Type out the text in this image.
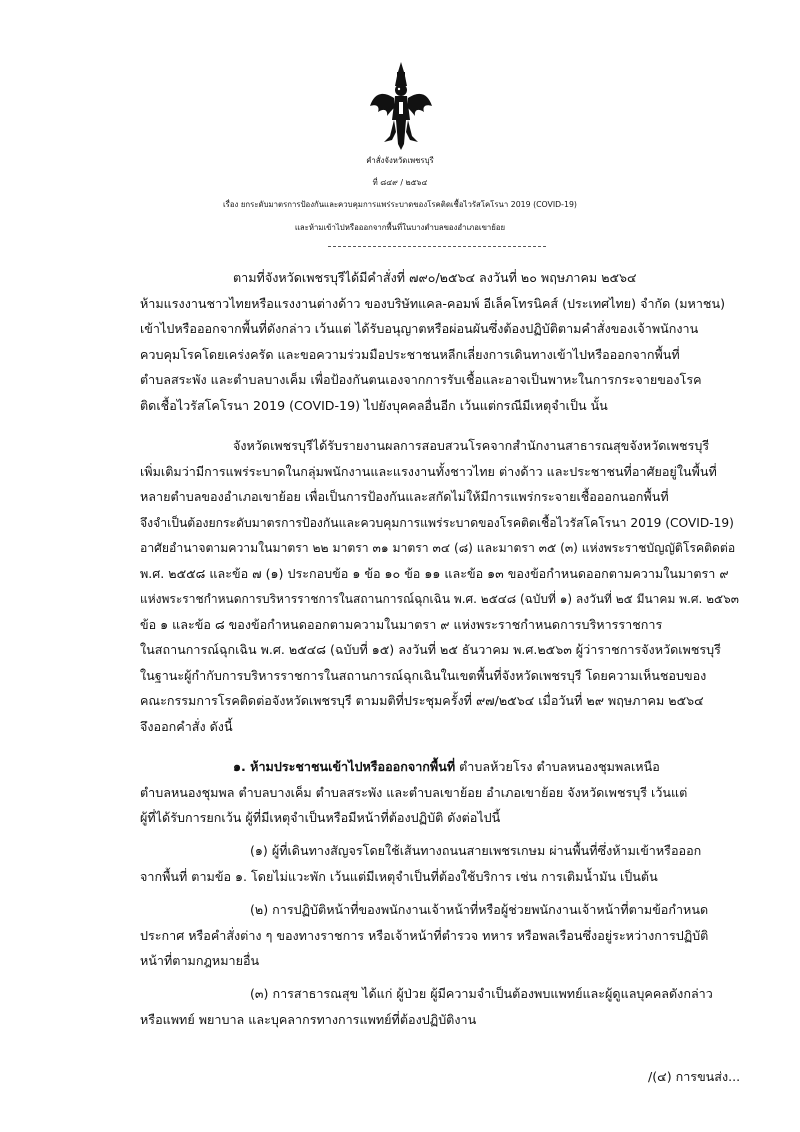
คำสั่งจังหวัดเพชรบุรี
ที่ ๘๔๙ / ๒๕๖๔
เรื่อง ยกระดับมาตรการป้องกันและควบคุมการแพร่ระบาดของโรคติดเชื้อไวรัสโคโรนา 2019 (COVID-19)
และห้ามเข้าไปหรือออกจากพื้นที่ในบางตำบลของอำเภอเขาย้อย
ตามที่จังหวัดเพชรบุรีได้มีคำสั่งที่ ๗๙๐/๒๕๖๔ ลงวันที่ ๒๐ พฤษภาคม ๒๕๖๔
ห้ามแรงงานชาวไทยหรือแรงงานต่างด้าว ของบริษัทแคล-คอมพ์ อีเล็คโทรนิคส์ (ประเทศไทย) จำกัด (มหาชน)
เข้าไปหรือออกจากพื้นที่ดังกล่าว เว้นแต่ ได้รับอนุญาตหรือผ่อนผันซึ่งต้องปฏิบัติตามคำสั่งของเจ้าพนักงาน
ควบคุมโรคโดยเคร่งครัด และขอความร่วมมือประชาชนหลีกเลี่ยงการเดินทางเข้าไปหรือออกจากพื้นที่
ตำบลสระพัง และตำบลบางเค็ม เพื่อป้องกันตนเองจากการรับเชื้อและอาจเป็นพาหะในการกระจายของโรค
ติดเชื้อไวรัสโคโรนา 2019 (COVID-19) ไปยังบุคคลอื่นอีก เว้นแต่กรณีมีเหตุจำเป็น นั้น
จังหวัดเพชรบุรีได้รับรายงานผลการสอบสวนโรคจากสำนักงานสาธารณสุขจังหวัดเพชรบุรี
เพิ่มเติมว่ามีการแพร่ระบาดในกลุ่มพนักงานและแรงงานทั้งชาวไทย ต่างด้าว และประชาชนที่อาศัยอยู่ในพื้นที่
หลายตำบลของอำเภอเขาย้อย เพื่อเป็นการป้องกันและสกัดไม่ให้มีการแพร่กระจายเชื้อออกนอกพื้นที่
จึงจำเป็นต้องยกระดับมาตรการป้องกันและควบคุมการแพร่ระบาดของโรคติดเชื้อไวรัสโคโรนา 2019 (COVID-19)
อาศัยอำนาจตามความในมาตรา ๒๒ มาตรา ๓๑ มาตรา ๓๔ (๘) และมาตรา ๓๕ (๓) แห่งพระราชบัญญัติโรคติดต่อ
พ.ศ. ๒๕๕๘ และข้อ ๗ (๑) ประกอบข้อ ๑ ข้อ ๑๐ ข้อ ๑๑ และข้อ ๑๓ ของข้อกำหนดออกตามความในมาตรา ๙
แห่งพระราชกำหนดการบริหารราชการในสถานการณ์ฉุกเฉิน พ.ศ. ๒๕๔๘ (ฉบับที่ ๑) ลงวันที่ ๒๕ มีนาคม พ.ศ. ๒๕๖๓
ข้อ ๑ และข้อ ๘ ของข้อกำหนดออกตามความในมาตรา ๙ แห่งพระราชกำหนดการบริหารราชการ
ในสถานการณ์ฉุกเฉิน พ.ศ. ๒๕๔๘ (ฉบับที่ ๑๕) ลงวันที่ ๒๕ ธันวาคม พ.ศ.๒๕๖๓ ผู้ว่าราชการจังหวัดเพชรบุรี
ในฐานะผู้กำกับการบริหารราชการในสถานการณ์ฉุกเฉินในเขตพื้นที่จังหวัดเพชรบุรี โดยความเห็นชอบของ
คณะกรรมการโรคติดต่อจังหวัดเพชรบุรี ตามมติที่ประชุมครั้งที่ ๙๗/๒๕๖๔ เมื่อวันที่ ๒๙ พฤษภาคม ๒๕๖๔
จึงออกคำสั่ง ดังนี้
๑. ห้ามประชาชนเข้าไปหรือออกจากพื้นที่ ตำบลห้วยโรง ตำบลหนองชุมพลเหนือ
ตำบลหนองชุมพล ตำบลบางเค็ม ตำบลสระพัง และตำบลเขาย้อย อำเภอเขาย้อย จังหวัดเพชรบุรี เว้นแต่
ผู้ที่ได้รับการยกเว้น ผู้ที่มีเหตุจำเป็นหรือมีหน้าที่ต้องปฏิบัติ ดังต่อไปนี้
(๑) ผู้ที่เดินทางสัญจรโดยใช้เส้นทางถนนสายเพชรเกษม ผ่านพื้นที่ซึ่งห้ามเข้าหรือออก
จากพื้นที่ ตามข้อ ๑. โดยไม่แวะพัก เว้นแต่มีเหตุจำเป็นที่ต้องใช้บริการ เช่น การเติมน้ำมัน เป็นต้น
(๒) การปฏิบัติหน้าที่ของพนักงานเจ้าหน้าที่หรือผู้ช่วยพนักงานเจ้าหน้าที่ตามข้อกำหนด
ประกาศ หรือคำสั่งต่าง ๆ ของทางราชการ หรือเจ้าหน้าที่ตำรวจ ทหาร หรือพลเรือนซึ่งอยู่ระหว่างการปฏิบัติ
หน้าที่ตามกฎหมายอื่น
(๓) การสาธารณสุข ได้แก่ ผู้ป่วย ผู้มีความจำเป็นต้องพบแพทย์และผู้ดูแลบุคคลดังกล่าว
หรือแพทย์ พยาบาล และบุคลากรทางการแพทย์ที่ต้องปฏิบัติงาน
/(๔) การขนส่ง...
